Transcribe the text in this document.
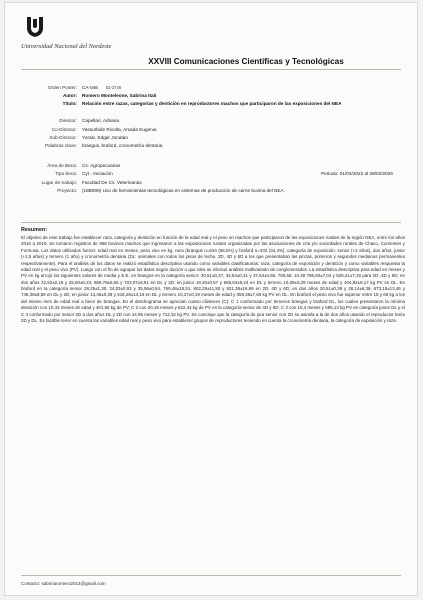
Universidad Nacional del Nordeste
XXVIII Comunicaciones Científicas y Tecnológicas
Orden Poster: CA-046 02-2746
Autor: Romero Monteleone, Sabrina Itati
Título: Relación entre razas, categorías y dentición en reproductores machos que participaron de las exposiciones del NEA
Director: Capellari, Adriana
Co-Director: Yassurbide Rivolta, Amada Eugenia
Sub-Director: Yostar, Edgar Jonatan
Palabras clave: brangus, braford, cronometría dentaria.
Área de Beca: Cs. Agropecuarias
Tipo beca: Cyt - Iniciación	Periodo: 01/03/2022 al 28/02/2026
Lugar de trabajo: Facultad De Cs. Veterinarias
Proyecto: (18B009) Uso de herramientas tecnológicas en sistemas de producción de carne bovina del NEA.
Resumen:
El objetivo de este trabajo fue establecer raza, categoría y dentición en función de la edad real y el peso en machos que participaron de las exposiciones rurales de la región NEA, entre los años 2016 a 2019. Se tomaron registros de 968 bovinos machos que ingresaron a las exposiciones rurales organizadas por las asociaciones de cría y/o sociedades rurales de Chaco, Corrientes y Formosa. Los datos utilizados fueron: edad real en meses, peso vivo en kg, raza (brangus n=634 (65,5%) y braford n=332 (34,4%), categoría de exposición: senior (+2 años), dos años, junior (+1,5 años) y ternero (1 año) y cronometría dentaria (DL: animales con todos los pisos de leche, 2D, 4D y 6D a los que presentaban las pinzas, primeros y segundos medianos permanentes respectivamente). Para el análisis de los datos se realizó estadística descriptiva usando como variables clasificatorias: raza, categoría de exposición y dentición y como variables respuesta la edad real y el peso vivo (PV). Luego con el fin de agrupar los datos según dicción o que idea se efectuó análisis multivariado de conglomerados. La estadística descriptiva para edad en meses y PV en kg arrojó los siguientes valores de media y E.E. en brangus en la categoría senior: 30,51±0,37, 34,64±0,31 y 37,64±0,56, 755,55; 10,48 796,93±7,04 y 825,41±7,19 para 2D, 4D y 6D; en dos años 22,52±0,18 y 25,60±0,23, 689,79±6,65 y 703,07±6,91 en DL y 2D; en junior 19,20±0,57 y 588,63±9,24 en DL y ternero 10,09±0,29 meses de edad y 404,82±8,17 kg PV en DL. En braford en la categoría senior 28,29±1,30, 34,03±0,93 y 35,59±0,64, 769,48±16,51, 802,28±11,50 y 821,36±16,99 en 2D, 4D y 6D; en dos años 20,51±0,38 y 28,14±6,38, 673,15±13,46 y 746,39±8,59 en DL y 2D; en junior 14,46±0,28 y 518,28±14,16 en DL y ternero 10,27±0,19 meses de edad y 358,38±7,66 kg PV en DL. En braford el peso vivo fue superior entre 15 y 66 kg a los del mismo mes de edad real a favor de brangus. En el dendrograma se aprecian cuatro clústeres (C): C 1 conformado por terneros brangus y braford DL, los cuales presentaron la mínima dentición con 10,34 meses de edad y 401,56 kg de PV; C 2 con 20,19 meses y 622,34 kg de PV en la categoría senior de 4D y 6D; C 3 con 15,4 meses y 585,13 kg PV en categoría junior DL y el C 4 conformado por senior 2D a dos años DL y 2D con 24,95 meses y 712,32 kg PV. Se concluye que la categoría de jura senior con 2D se asimila a la de dos años usando el reproductor tenía 2D y DL. Es factible tener en cuenta las variables edad real y peso vivo para establecer grupos de reproductores teniendo en cuenta la cronometría dentaria, la categoría de exposición y raza.
Contacto: sabrinaromero2014@gmail.com
